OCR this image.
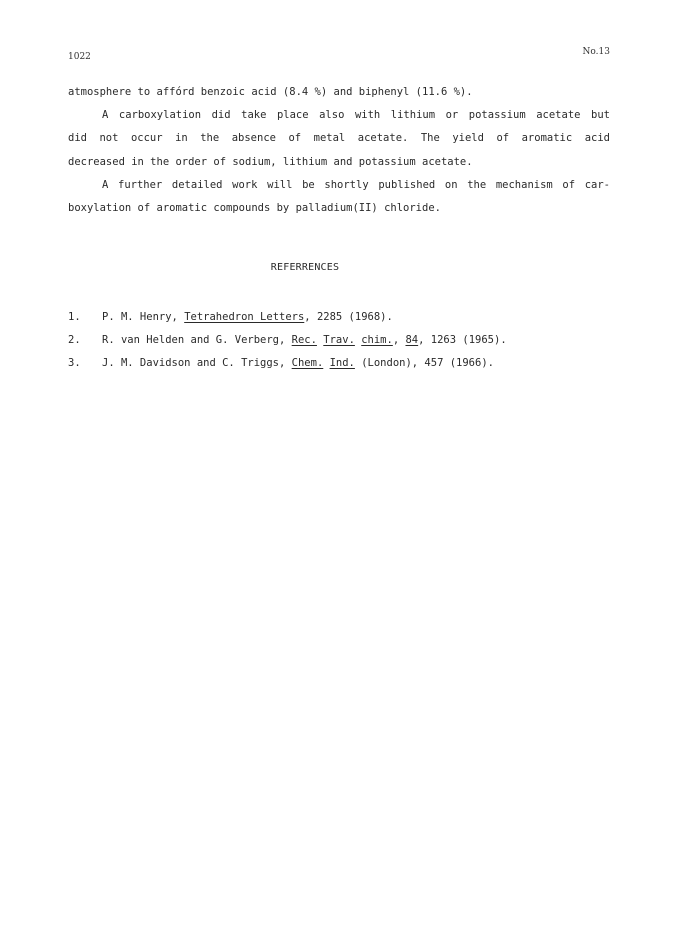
1022	No.13
atmosphere to affórd benzoic acid (8.4 %) and biphenyl (11.6 %).
A carboxylation did take place also with lithium or potassium acetate but
did not occur in the absence of metal acetate. The yield of aromatic acid
decreased in the order of sodium, lithium and potassium acetate.
A further detailed work will be shortly published on the mechanism of car-
boxylation of aromatic compounds by palladium(II) chloride.
REFERRENCES
1. P. M. Henry, Tetrahedron Letters, 2285 (1968).
2. R. van Helden and G. Verberg, Rec. Trav. chim., 84, 1263 (1965).
3. J. M. Davidson and C. Triggs, Chem. Ind. (London), 457 (1966).
